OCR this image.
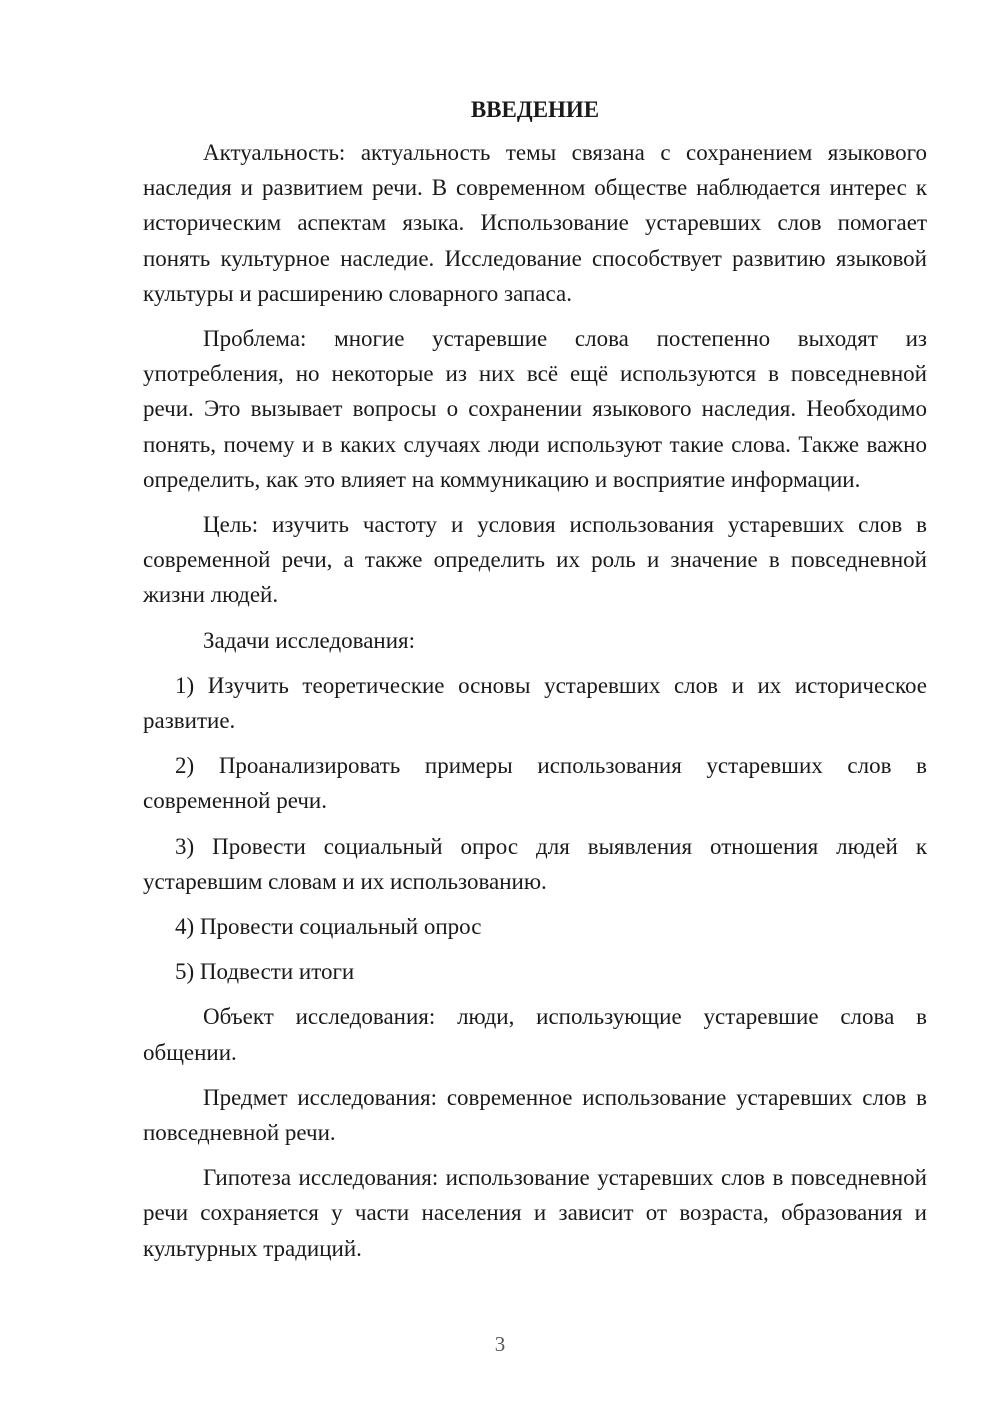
ВВЕДЕНИЕ

Актуальность: актуальность темы связана с сохранением языкового наследия и развитием речи. В современном обществе наблюдается интерес к историческим аспектам языка. Использование устаревших слов помогает понять культурное наследие. Исследование способствует развитию языковой культуры и расширению словарного запаса.

Проблема: многие устаревшие слова постепенно выходят из употребления, но некоторые из них всё ещё используются в повседневной речи. Это вызывает вопросы о сохранении языкового наследия. Необходимо понять, почему и в каких случаях люди используют такие слова. Также важно определить, как это влияет на коммуникацию и восприятие информации.

Цель: изучить частоту и условия использования устаревших слов в современной речи, а также определить их роль и значение в повседневной жизни людей.

Задачи исследования:

1) Изучить теоретические основы устаревших слов и их историческое развитие.

2) Проанализировать примеры использования устаревших слов в современной речи.

3) Провести социальный опрос для выявления отношения людей к устаревшим словам и их использованию.

4) Провести социальный опрос

5) Подвести итоги

Объект исследования: люди, использующие устаревшие слова в общении.

Предмет исследования: современное использование устаревших слов в повседневной речи.

Гипотеза исследования: использование устаревших слов в повседневной речи сохраняется у части населения и зависит от возраста, образования и культурных традиций.

3
